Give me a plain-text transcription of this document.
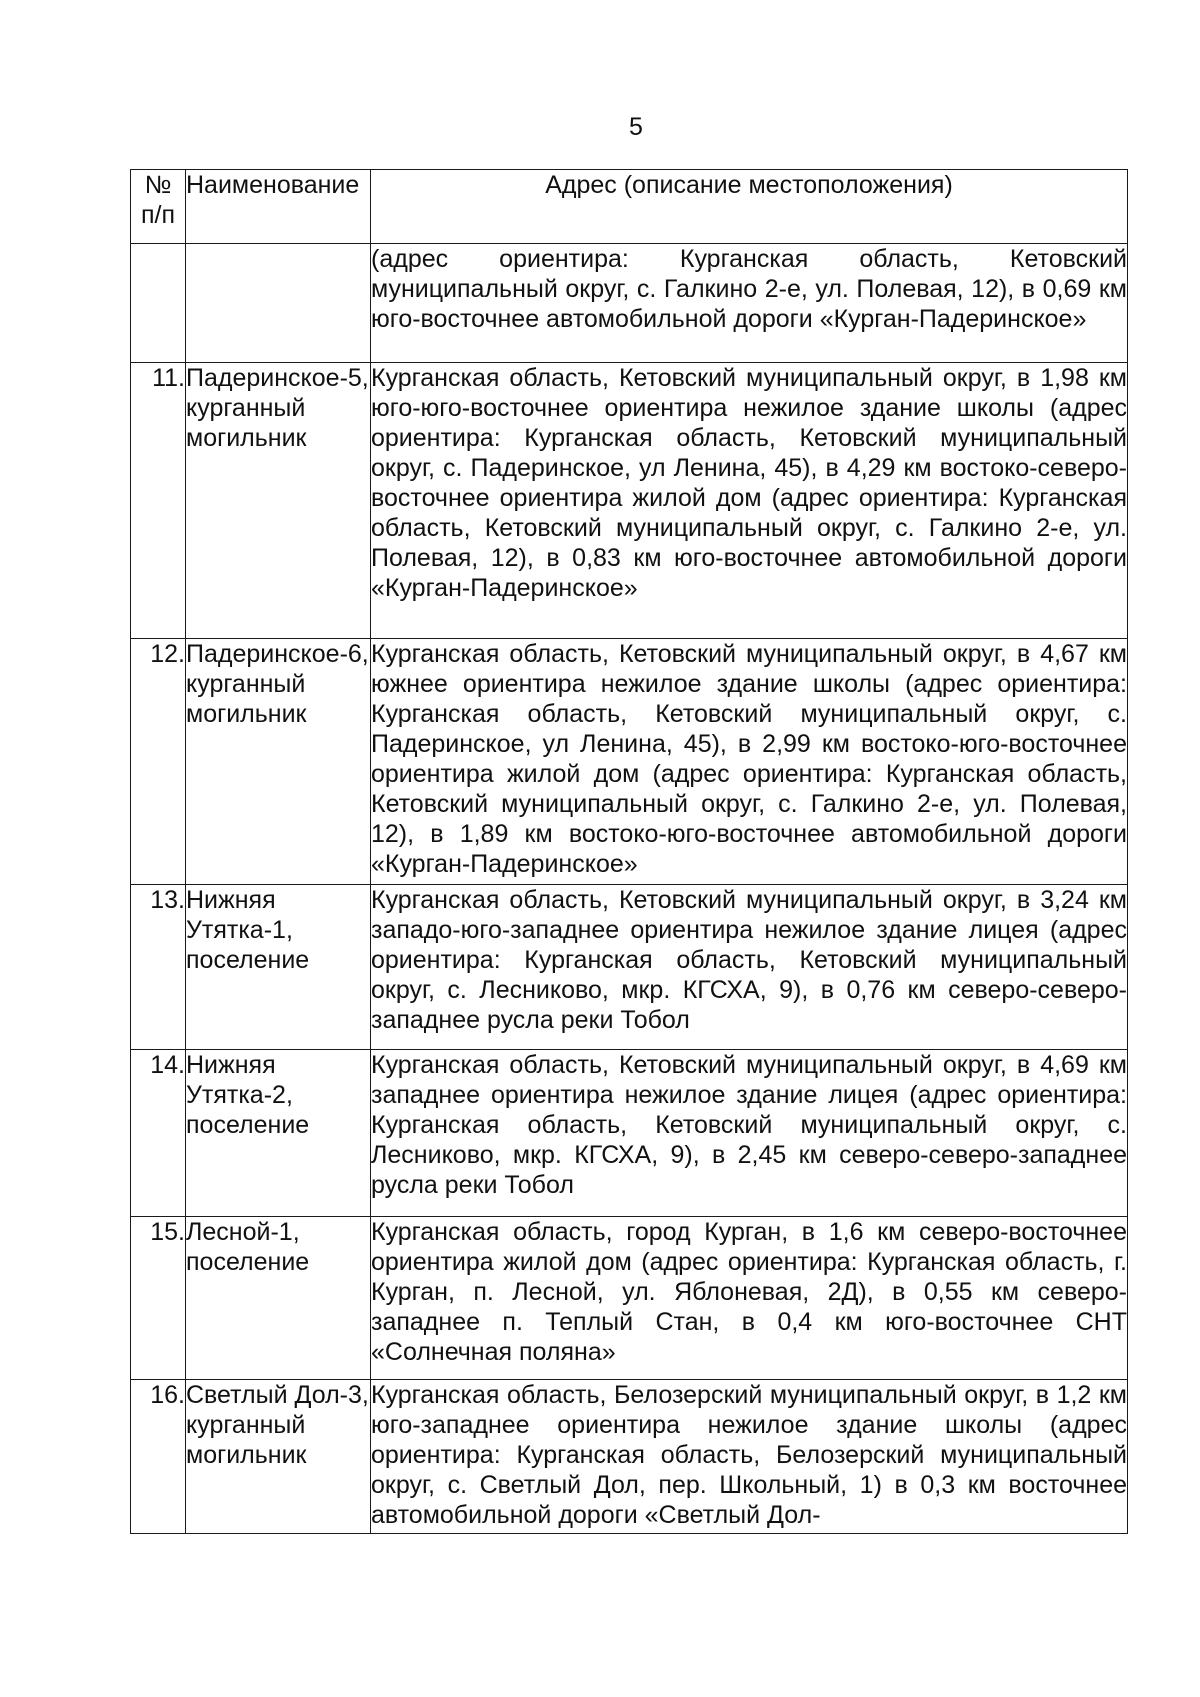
5
№
п/п	Наименование	Адрес (описание местоположения)

		(адрес ориентира: Курганская область, Кетовский муниципальный округ, с. Галкино 2-е, ул. Полевая, 12), в 0,69 км юго-восточнее автомобильной дороги «Курган-Падеринское»

11.	Падеринское-5, курганный могильник	Курганская область, Кетовский муниципальный округ, в 1,98 км юго-юго-восточнее ориентира нежилое здание школы (адрес ориентира: Курганская область, Кетовский муниципальный округ, с. Падеринское, ул Ленина, 45), в 4,29 км востоко-северо-восточнее ориентира жилой дом (адрес ориентира: Курганская область, Кетовский муниципальный округ, с. Галкино 2-е, ул. Полевая, 12), в 0,83 км юго-восточнее автомобильной дороги «Курган-Падеринское»

12.	Падеринское-6, курганный могильник	Курганская область, Кетовский муниципальный округ, в 4,67 км южнее ориентира нежилое здание школы (адрес ориентира: Курганская область, Кетовский муниципальный округ, с. Падеринское, ул Ленина, 45), в 2,99 км востоко-юго-восточнее ориентира жилой дом (адрес ориентира: Курганская область, Кетовский муниципальный округ, с. Галкино 2-е, ул. Полевая, 12), в 1,89 км востоко-юго-восточнее автомобильной дороги «Курган-Падеринское»

13.	Нижняя Утятка-1, поселение	Курганская область, Кетовский муниципальный округ, в 3,24 км западо-юго-западнее ориентира нежилое здание лицея (адрес ориентира: Курганская область, Кетовский муниципальный округ, с. Лесниково, мкр. КГСХА, 9), в 0,76 км северо-северо-западнее русла реки Тобол

14.	Нижняя Утятка-2, поселение	Курганская область, Кетовский муниципальный округ, в 4,69 км западнее ориентира нежилое здание лицея (адрес ориентира: Курганская область, Кетовский муниципальный округ, с. Лесниково, мкр. КГСХА, 9), в 2,45 км северо-северо-западнее русла реки Тобол

15.	Лесной-1, поселение	Курганская область, город Курган, в 1,6 км северо-восточнее ориентира жилой дом (адрес ориентира: Курганская область, г. Курган, п. Лесной, ул. Яблоневая, 2Д), в 0,55 км северо-западнее п. Теплый Стан, в 0,4 км юго-восточнее СНТ «Солнечная поляна»

16.	Светлый Дол-3, курганный могильник	Курганская область, Белозерский муниципальный округ, в 1,2 км юго-западнее ориентира нежилое здание школы (адрес ориентира: Курганская область, Белозерский муниципальный округ, с. Светлый Дол, пер. Школьный, 1) в 0,3 км восточнее автомобильной дороги «Светлый Дол-
